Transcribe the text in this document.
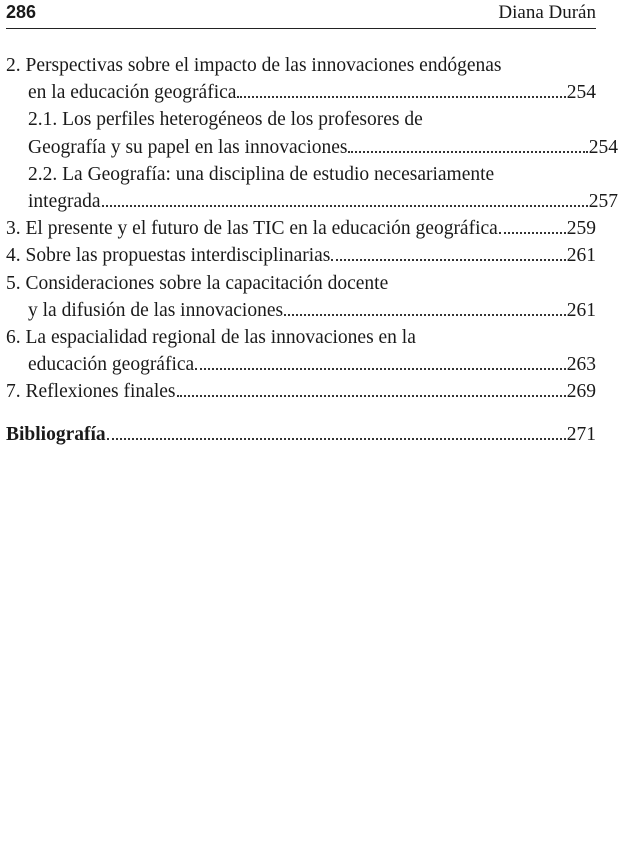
286	Diana Durán
2. Perspectivas sobre el impacto de las innovaciones endógenas
en la educación geográfica	254
2.1. Los perfiles heterogéneos de los profesores de
Geografía y su papel en las innovaciones	254
2.2. La Geografía: una disciplina de estudio necesariamente
integrada	257
3. El presente y el futuro de las TIC en la educación geográfica	259
4. Sobre las propuestas interdisciplinarias	261
5. Consideraciones sobre la capacitación docente
y la difusión de las innovaciones	261
6. La espacialidad regional de las innovaciones en la
educación geográfica	263
7. Reflexiones finales	269
Bibliografía	271
